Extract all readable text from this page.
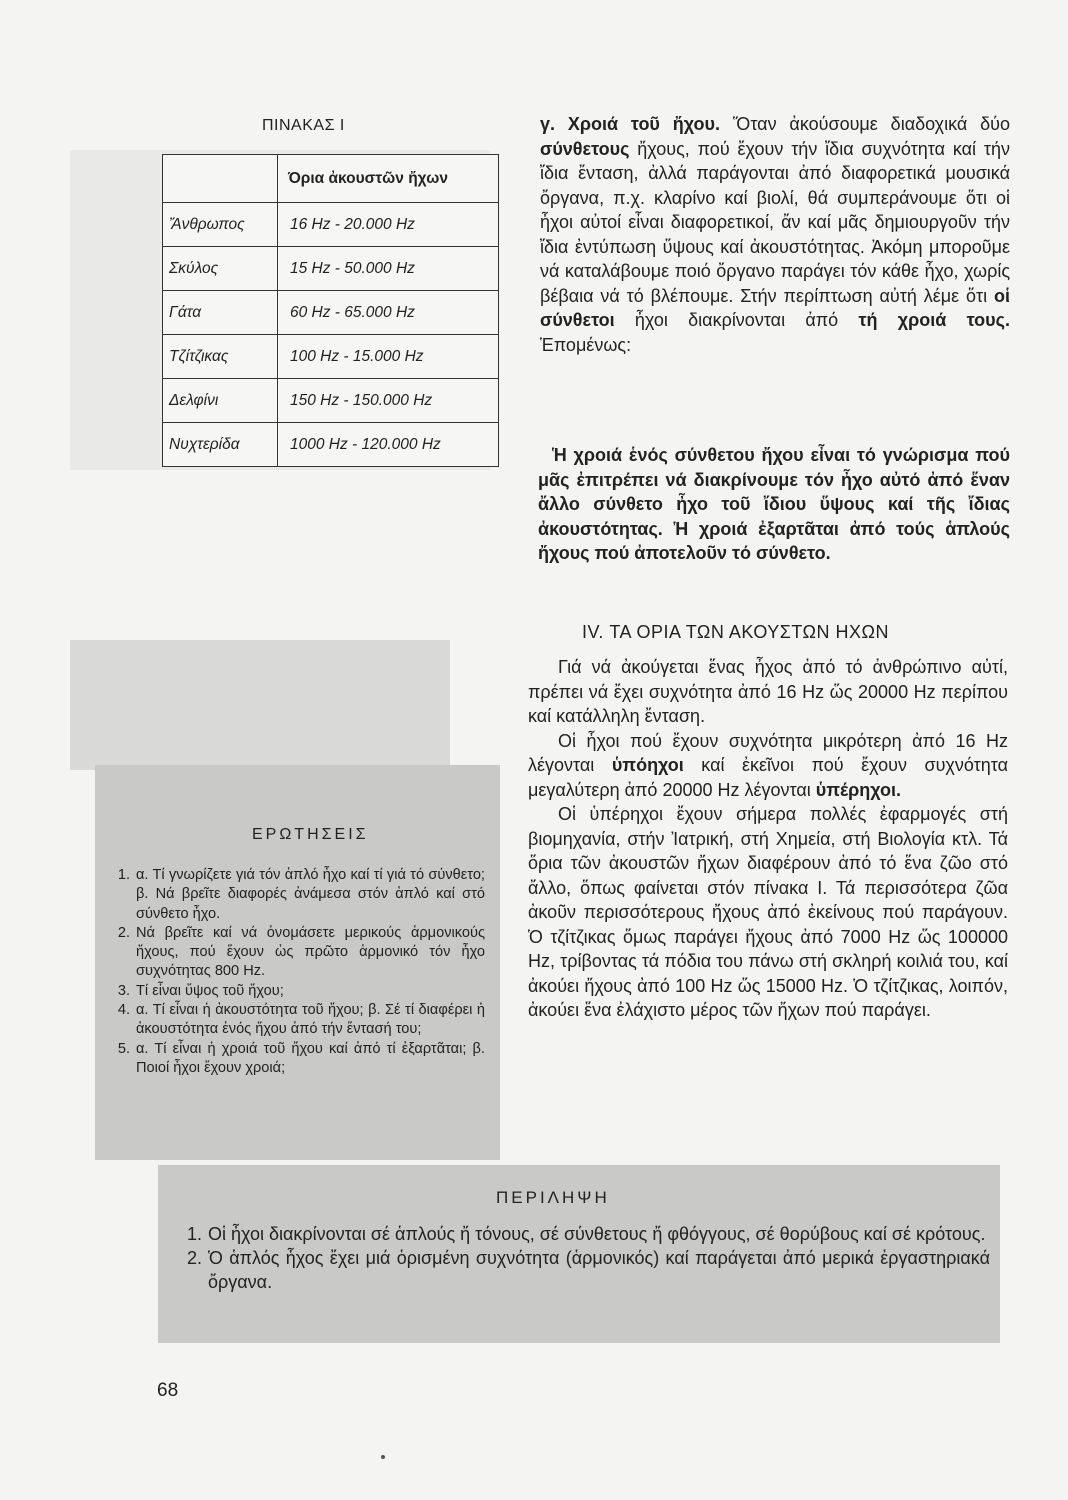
ΠΙΝΑΚΑΣ Ι
	Όρια ἀκουστῶν ἤχων
Ἄνθρωπος	16 Hz - 20.000 Hz
Σκύλος	15 Hz - 50.000 Hz
Γάτα	60 Hz - 65.000 Hz
Τζίτζικας	100 Hz - 15.000 Hz
Δελφίνι	150 Hz - 150.000 Hz
Νυχτερίδα	1000 Hz - 120.000 Hz

γ. Χροιά τοῦ ἤχου. Ὅταν ἀκούσουμε διαδοχικά δύο σύνθετους ἤχους, πού ἔχουν τήν ἴδια συχνότητα καί τήν ἴδια ἔνταση, ἀλλά παράγονται ἀπό διαφορετικά μουσικά ὄργανα, π.χ. κλαρίνο καί βιολί, θά συμπεράνουμε ὅτι οἱ ἦχοι αὐτοί εἶναι διαφορετικοί, ἄν καί μᾶς δημιουργοῦν τήν ἴδια ἐντύπωση ὕψους καί ἀκουστότητας. Ἀκόμη μποροῦμε νά καταλάβουμε ποιό ὄργανο παράγει τόν κάθε ἦχο, χωρίς βέβαια νά τό βλέπουμε. Στήν περίπτωση αὐτή λέμε ὅτι οἱ σύνθετοι ἦχοι διακρίνονται ἀπό τή χροιά τους. Ἑπομένως:

Ἡ χροιά ἑνός σύνθετου ἤχου εἶναι τό γνώρισμα πού μᾶς ἐπιτρέπει νά διακρίνουμε τόν ἦχο αὐτό ἀπό ἕναν ἄλλο σύνθετο ἦχο τοῦ ἴδιου ὕψους καί τῆς ἴδιας ἀκουστότητας. Ἡ χροιά ἐξαρτᾶται ἀπό τούς ἁπλούς ἤχους πού ἀποτελοῦν τό σύνθετο.
IV. ΤΑ ΟΡΙΑ ΤΩΝ ΑΚΟΥΣΤΩΝ ΗΧΩΝ

Γιά νά ἀκούγεται ἕνας ἦχος ἀπό τό ἀνθρώπινο αὐτί, πρέπει νά ἔχει συχνότητα ἀπό 16 Hz ὥς 20000 Hz περίπου καί κατάλληλη ἔνταση.

Οἱ ἦχοι πού ἔχουν συχνότητα μικρότερη ἀπό 16 Hz λέγονται ὑπόηχοι καί ἐκεῖνοι πού ἔχουν συχνότητα μεγαλύτερη ἀπό 20000 Hz λέγονται ὑπέρηχοι.

Οἱ ὑπέρηχοι ἔχουν σήμερα πολλές ἐφαρμογές στή βιομηχανία, στήν Ἰατρική, στή Χημεία, στή Βιολογία κτλ. Τά ὅρια τῶν ἀκουστῶν ἤχων διαφέρουν ἀπό τό ἕνα ζῶο στό ἄλλο, ὅπως φαίνεται στόν πίνακα Ι. Τά περισσότερα ζῶα ἀκοῦν περισσότερους ἤχους ἀπό ἐκείνους πού παράγουν. Ὁ τζίτζικας ὅμως παράγει ἤχους ἀπό 7000 Hz ὥς 100000 Hz, τρίβοντας τά πόδια του πάνω στή σκληρή κοιλιά του, καί ἀκούει ἤχους ἀπό 100 Hz ὥς 15000 Hz. Ὁ τζίτζικας, λοιπόν, ἀκούει ἕνα ἐλάχιστο μέρος τῶν ἤχων πού παράγει.

ΕΡΩΤΗΣΕΙΣ
1. α. Τί γνωρίζετε γιά τόν ἁπλό ἦχο καί τί γιά τό σύνθετο; β. Νά βρεῖτε διαφορές ἀνάμεσα στόν ἁπλό καί στό σύνθετο ἦχο.
2. Νά βρεῖτε καί νά ὀνομάσετε μερικούς ἁρμονικούς ἤχους, πού ἔχουν ὡς πρῶτο ἁρμονικό τόν ἦχο συχνότητας 800 Hz.
3. Τί εἶναι ὕψος τοῦ ἤχου;
4. α. Τί εἶναι ἡ ἀκουστότητα τοῦ ἤχου; β. Σέ τί διαφέρει ἡ ἀκουστότητα ἑνός ἤχου ἀπό τήν ἔντασή του;
5. α. Τί εἶναι ἡ χροιά τοῦ ἤχου καί ἀπό τί ἐξαρτᾶται; β. Ποιοί ἦχοι ἔχουν χροιά;
ΠΕΡΙΛΗΨΗ
1. Οἱ ἦχοι διακρίνονται σέ ἁπλούς ἤ τόνους, σέ σύνθετους ἤ φθόγγους, σέ θορύβους καί σέ κρότους.
2. Ὁ ἁπλός ἦχος ἔχει μιά ὁρισμένη συχνότητα (ἁρμονικός) καί παράγεται ἀπό μερικά ἐργαστηριακά ὄργανα.
68
